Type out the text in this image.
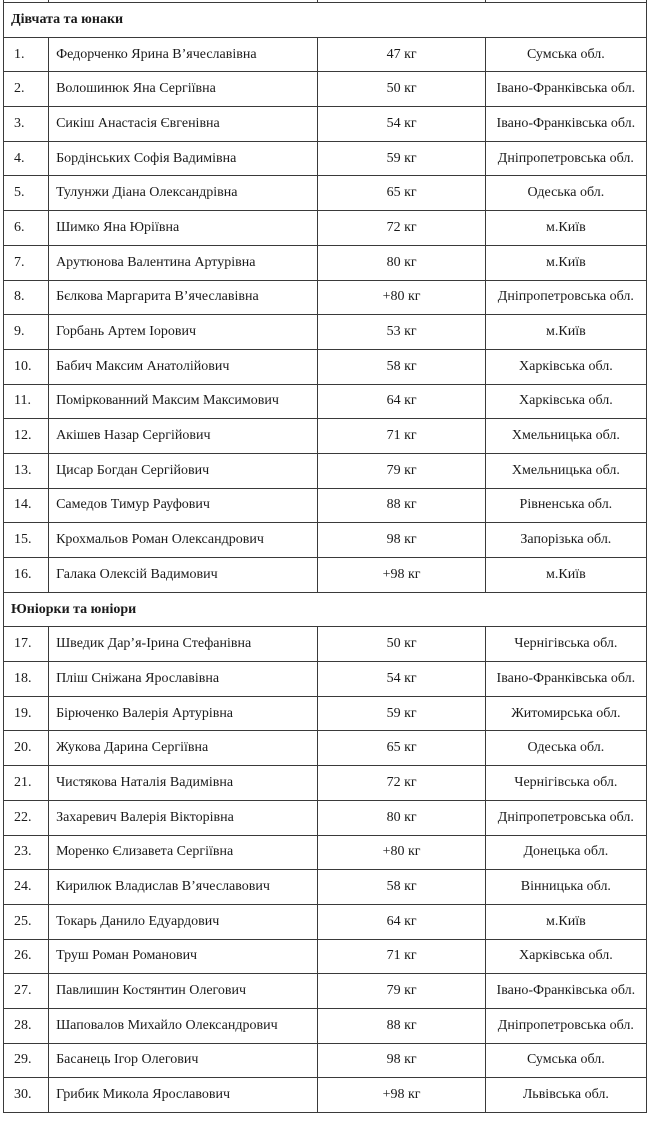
Дівчата та юнаки			
1.	Федорченко Ярина В’ячеславівна	47 кг	Сумська обл.
2.	Волошинюк Яна Сергіївна	50 кг	Івано-Франківська обл.
3.	Сикіш Анастасія Євгенівна	54 кг	Івано-Франківська обл.
4.	Бордінських Софія Вадимівна	59 кг	Дніпропетровська обл.
5.	Тулунжи Діана Олександрівна	65 кг	Одеська обл.
6.	Шимко Яна Юріївна	72 кг	м.Київ
7.	Арутюнова Валентина Артурівна	80 кг	м.Київ
8.	Бєлкова Маргарита В’ячеславівна	+80 кг	Дніпропетровська обл.
9.	Горбань Артем Іорович	53 кг	м.Київ
10.	Бабич Максим Анатолійович	58 кг	Харківська обл.
11.	Поміркованний Максим Максимович	64 кг	Харківська обл.
12.	Акішев Назар Сергійович	71 кг	Хмельницька обл.
13.	Цисар Богдан Сергійович	79 кг	Хмельницька обл.
14.	Самедов Тимур Рауфович	88 кг	Рівненська обл.
15.	Крохмальов Роман Олександрович	98 кг	Запорізька обл.
16.	Галака Олексій Вадимович	+98 кг	м.Київ
Юніорки та юніори			
17.	Шведик Дар’я-Ірина Стефанівна	50 кг	Чернігівська обл.
18.	Пліш Сніжана Ярославівна	54 кг	Івано-Франківська обл.
19.	Бірюченко Валерія Артурівна	59 кг	Житомирська обл.
20.	Жукова Дарина Сергіївна	65 кг	Одеська обл.
21.	Чистякова Наталія Вадимівна	72 кг	Чернігівська обл.
22.	Захаревич Валерія Вікторівна	80 кг	Дніпропетровська обл.
23.	Моренко Єлизавета Сергіївна	+80 кг	Донецька обл.
24.	Кирилюк Владислав В’ячеславович	58 кг	Вінницька обл.
25.	Токарь Данило Едуардович	64 кг	м.Київ
26.	Труш Роман Романович	71 кг	Харківська обл.
27.	Павлишин Костянтин Олегович	79 кг	Івано-Франківська обл.
28.	Шаповалов Михайло Олександрович	88 кг	Дніпропетровська обл.
29.	Басанець Ігор Олегович	98 кг	Сумська обл.
30.	Грибик Микола Ярославович	+98 кг	Львівська обл.
